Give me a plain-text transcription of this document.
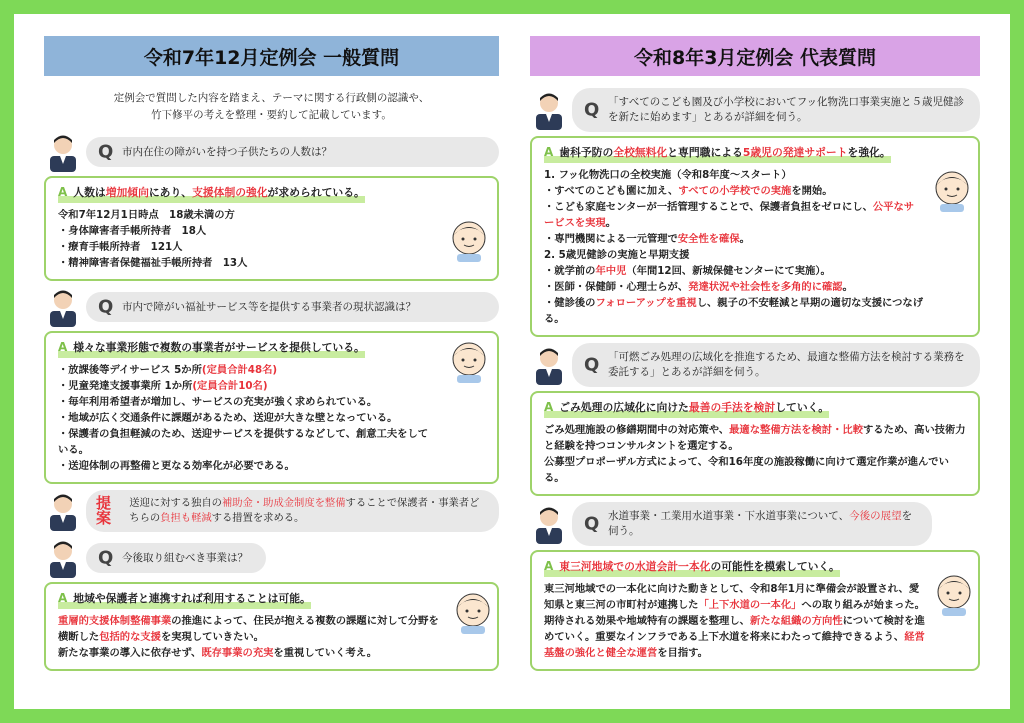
令和7年12月定例会 一般質問
定例会で質問した内容を踏まえ、テーマに関する行政側の認識や、
竹下修平の考えを整理・要約して記載しています。
Q 市内在住の障がいを持つ子供たちの人数は？
A 人数は増加傾向にあり、支援体制の強化が求められている。
令和7年12月1日時点　18歳未満の方
・身体障害者手帳所持者　18人
・療育手帳所持者　121人
・精神障害者保健福祉手帳所持者　13人
Q 市内で障がい福祉サービス等を提供する事業者の現状認識は？
A 様々な事業形態で複数の事業者がサービスを提供している。
・放課後等デイサービス 5か所(定員合計48名)
・児童発達支援事業所 1か所(定員合計10名)
・毎年利用希望者が増加し、サービスの充実が強く求められている。
・地域が広く交通条件に課題があるため、送迎が大きな壁となっている。
・保護者の負担軽減のため、送迎サービスを提供するなどして、創意工夫をしている。
・送迎体制の再整備と更なる効率化が必要である。
提案
送迎に対する独自の補助金・助成金制度を整備することで保護者・事業者どちらの負担も軽減する措置を求める。
Q 今後取り組むべき事業は？
A 地域や保護者と連携すれば利用することは可能。
重層的支援体制整備事業の推進によって、住民が抱える複数の課題に対して分野を横断した包括的な支援を実現していきたい。
新たな事業の導入に依存せず、既存事業の充実を重視していく考え。
令和8年3月定例会 代表質問
Q 「すべてのこども園及び小学校においてフッ化物洗口事業実施と５歳児健診を新たに始めます」とあるが詳細を伺う。
A 歯科予防の全校無料化と専門職による5歳児の発達サポートを強化。
1. フッ化物洗口の全校実施（令和8年度～スタート）
・すべてのこども園に加え、すべての小学校での実施を開始。
・こども家庭センターが一括管理することで、保護者負担をゼロにし、公平なサービスを実現。
・専門機関による一元管理で安全性を確保。
2. 5歳児健診の実施と早期支援
・就学前の年中児（年間12回、新城保健センターにて実施）。
・医師・保健師・心理士らが、発達状況や社会性を多角的に確認。
・健診後のフォローアップを重視し、親子の不安軽減と早期の適切な支援につなげる。
Q 「可燃ごみ処理の広域化を推進するため、最適な整備方法を検討する業務を委託する」とあるが詳細を伺う。
A ごみ処理の広域化に向けた最善の手法を検討していく。
ごみ処理施設の修繕期間中の対応策や、最適な整備方法を検討・比較するため、高い技術力と経験を持つコンサルタントを選定する。
公募型プロポーザル方式によって、令和16年度の施設稼働に向けて選定作業が進んでいる。
Q 水道事業・工業用水道事業・下水道事業について、今後の展望を伺う。
A 東三河地域での水道会計一本化の可能性を模索していく。
東三河地域での一本化に向けた動きとして、令和8年1月に準備会が設置され、愛知県と東三河の市町村が連携した「上下水道の一本化」への取り組みが始まった。期待される効果や地域特有の課題を整理し、新たな組織の方向性について検討を進めていく。重要なインフラである上下水道を将来にわたって維持できるよう、経営基盤の強化と健全な運営を目指す。
